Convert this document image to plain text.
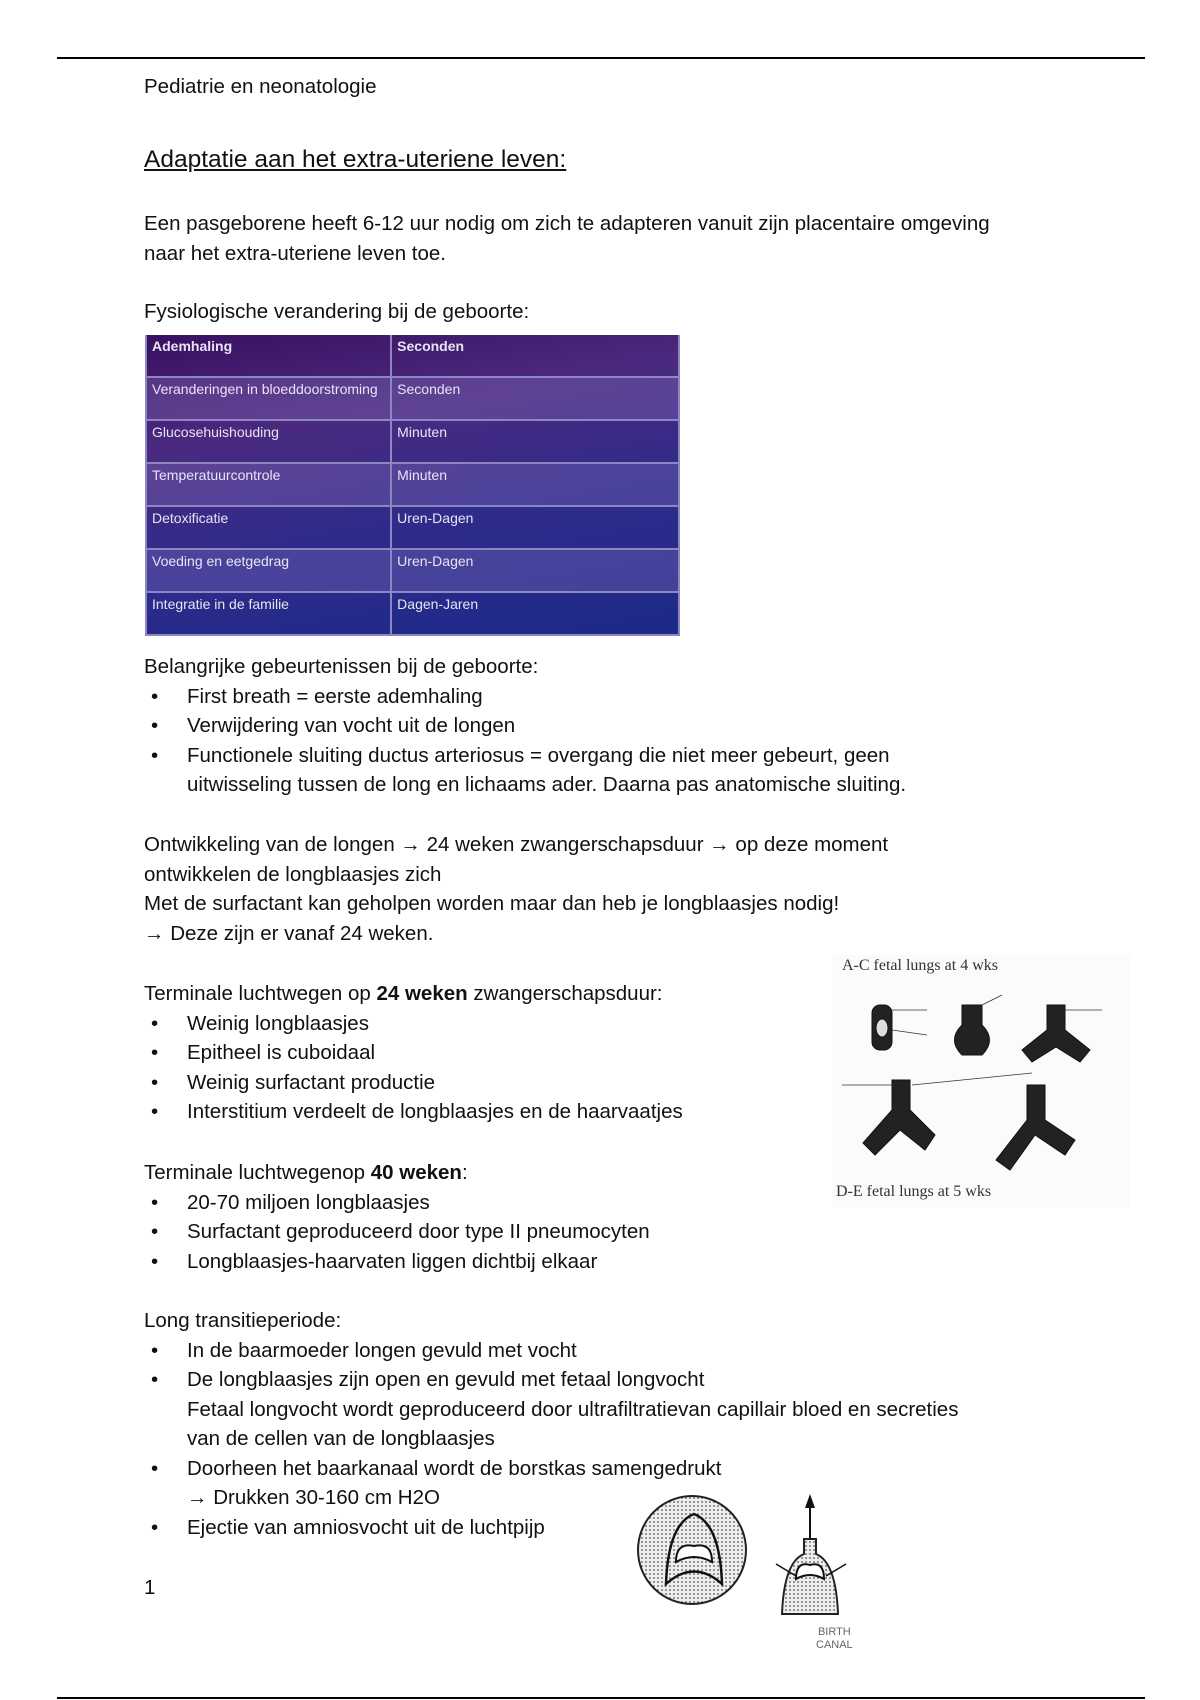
Pediatrie en neonatologie
Adaptatie aan het extra-uteriene leven:
Een pasgeborene heeft 6-12 uur nodig om zich te adapteren vanuit zijn placentaire omgeving
naar het extra-uteriene leven toe.
Fysiologische verandering bij de geboorte:
Ademhaling	Seconden
Veranderingen in bloeddoorstroming	Seconden
Glucosehuishouding	Minuten
Temperatuurcontrole	Minuten
Detoxificatie	Uren-Dagen
Voeding en eetgedrag	Uren-Dagen
Integratie in de familie	Dagen-Jaren
Belangrijke gebeurtenissen bij de geboorte:
• First breath = eerste ademhaling
• Verwijdering van vocht uit de longen
• Functionele sluiting ductus arteriosus = overgang die niet meer gebeurt, geen
uitwisseling tussen de long en lichaams ader. Daarna pas anatomische sluiting.
Ontwikkeling van de longen → 24 weken zwangerschapsduur → op deze moment
ontwikkelen de longblaasjes zich
Met de surfactant kan geholpen worden maar dan heb je longblaasjes nodig!
→ Deze zijn er vanaf 24 weken.
Terminale luchtwegen op 24 weken zwangerschapsduur:
• Weinig longblaasjes
• Epitheel is cuboidaal
• Weinig surfactant productie
• Interstitium verdeelt de longblaasjes en de haarvaatjes
Terminale luchtwegenop 40 weken:
• 20-70 miljoen longblaasjes
• Surfactant geproduceerd door type II pneumocyten
• Longblaasjes-haarvaten liggen dichtbij elkaar
Long transitieperiode:
• In de baarmoeder longen gevuld met vocht
• De longblaasjes zijn open en gevuld met fetaal longvocht
Fetaal longvocht wordt geproduceerd door ultrafiltratievan capillair bloed en secreties
van de cellen van de longblaasjes
• Doorheen het baarkanaal wordt de borstkas samengedrukt
→ Drukken 30-160 cm H2O
• Ejectie van amniosvocht uit de luchtpijp
1
A-C fetal lungs at 4 wks
D-E fetal lungs at 5 wks
BIRTH
CANAL
